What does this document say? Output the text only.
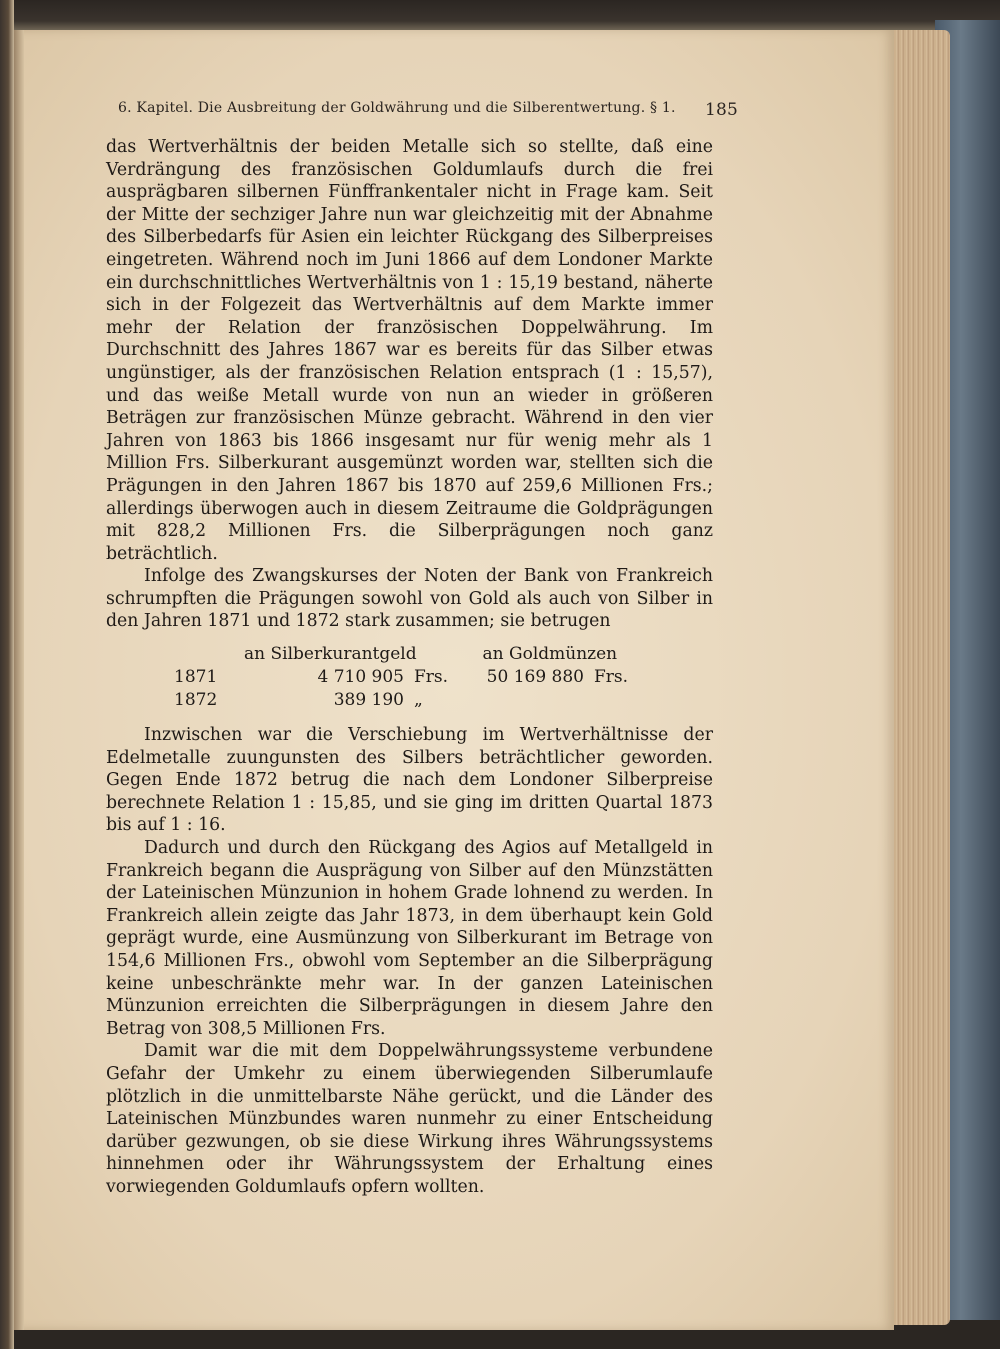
6. Kapitel. Die Ausbreitung der Goldwährung und die Silberentwertung. § 1. 185

das Wertverhältnis der beiden Metalle sich so stellte, daß eine Verdrängung des französischen Goldumlaufs durch die frei ausprägbaren silbernen Fünffrankentaler nicht in Frage kam. Seit der Mitte der sechziger Jahre nun war gleichzeitig mit der Abnahme des Silberbedarfs für Asien ein leichter Rückgang des Silberpreises eingetreten. Während noch im Juni 1866 auf dem Londoner Markte ein durchschnittliches Wertverhältnis von 1 : 15,19 bestand, näherte sich in der Folgezeit das Wertverhältnis auf dem Markte immer mehr der Relation der französischen Doppelwährung. Im Durchschnitt des Jahres 1867 war es bereits für das Silber etwas ungünstiger, als der französischen Relation entsprach (1 : 15,57), und das weiße Metall wurde von nun an wieder in größeren Beträgen zur französischen Münze gebracht. Während in den vier Jahren von 1863 bis 1866 insgesamt nur für wenig mehr als 1 Million Frs. Silberkurant ausgemünzt worden war, stellten sich die Prägungen in den Jahren 1867 bis 1870 auf 259,6 Millionen Frs.; allerdings überwogen auch in diesem Zeitraume die Goldprägungen mit 828,2 Millionen Frs. die Silberprägungen noch ganz beträchtlich.

Infolge des Zwangskurses der Noten der Bank von Frankreich schrumpften die Prägungen sowohl von Gold als auch von Silber in den Jahren 1871 und 1872 stark zusammen; sie betrugen

an Silberkurantgeld	an Goldmünzen
1871	4 710 905 Frs.	50 169 880 Frs.
1872	389 190 „

Inzwischen war die Verschiebung im Wertverhältnisse der Edelmetalle zuungunsten des Silbers beträchtlicher geworden. Gegen Ende 1872 betrug die nach dem Londoner Silberpreise berechnete Relation 1 : 15,85, und sie ging im dritten Quartal 1873 bis auf 1 : 16.

Dadurch und durch den Rückgang des Agios auf Metallgeld in Frankreich begann die Ausprägung von Silber auf den Münzstätten der Lateinischen Münzunion in hohem Grade lohnend zu werden. In Frankreich allein zeigte das Jahr 1873, in dem überhaupt kein Gold geprägt wurde, eine Ausmünzung von Silberkurant im Betrage von 154,6 Millionen Frs., obwohl vom September an die Silberprägung keine unbeschränkte mehr war. In der ganzen Lateinischen Münzunion erreichten die Silberprägungen in diesem Jahre den Betrag von 308,5 Millionen Frs.

Damit war die mit dem Doppelwährungssysteme verbundene Gefahr der Umkehr zu einem überwiegenden Silberumlaufe plötzlich in die unmittelbarste Nähe gerückt, und die Länder des Lateinischen Münzbundes waren nunmehr zu einer Entscheidung darüber gezwungen, ob sie diese Wirkung ihres Währungssystems hinnehmen oder ihr Währungssystem der Erhaltung eines vorwiegenden Goldumlaufs opfern wollten.
